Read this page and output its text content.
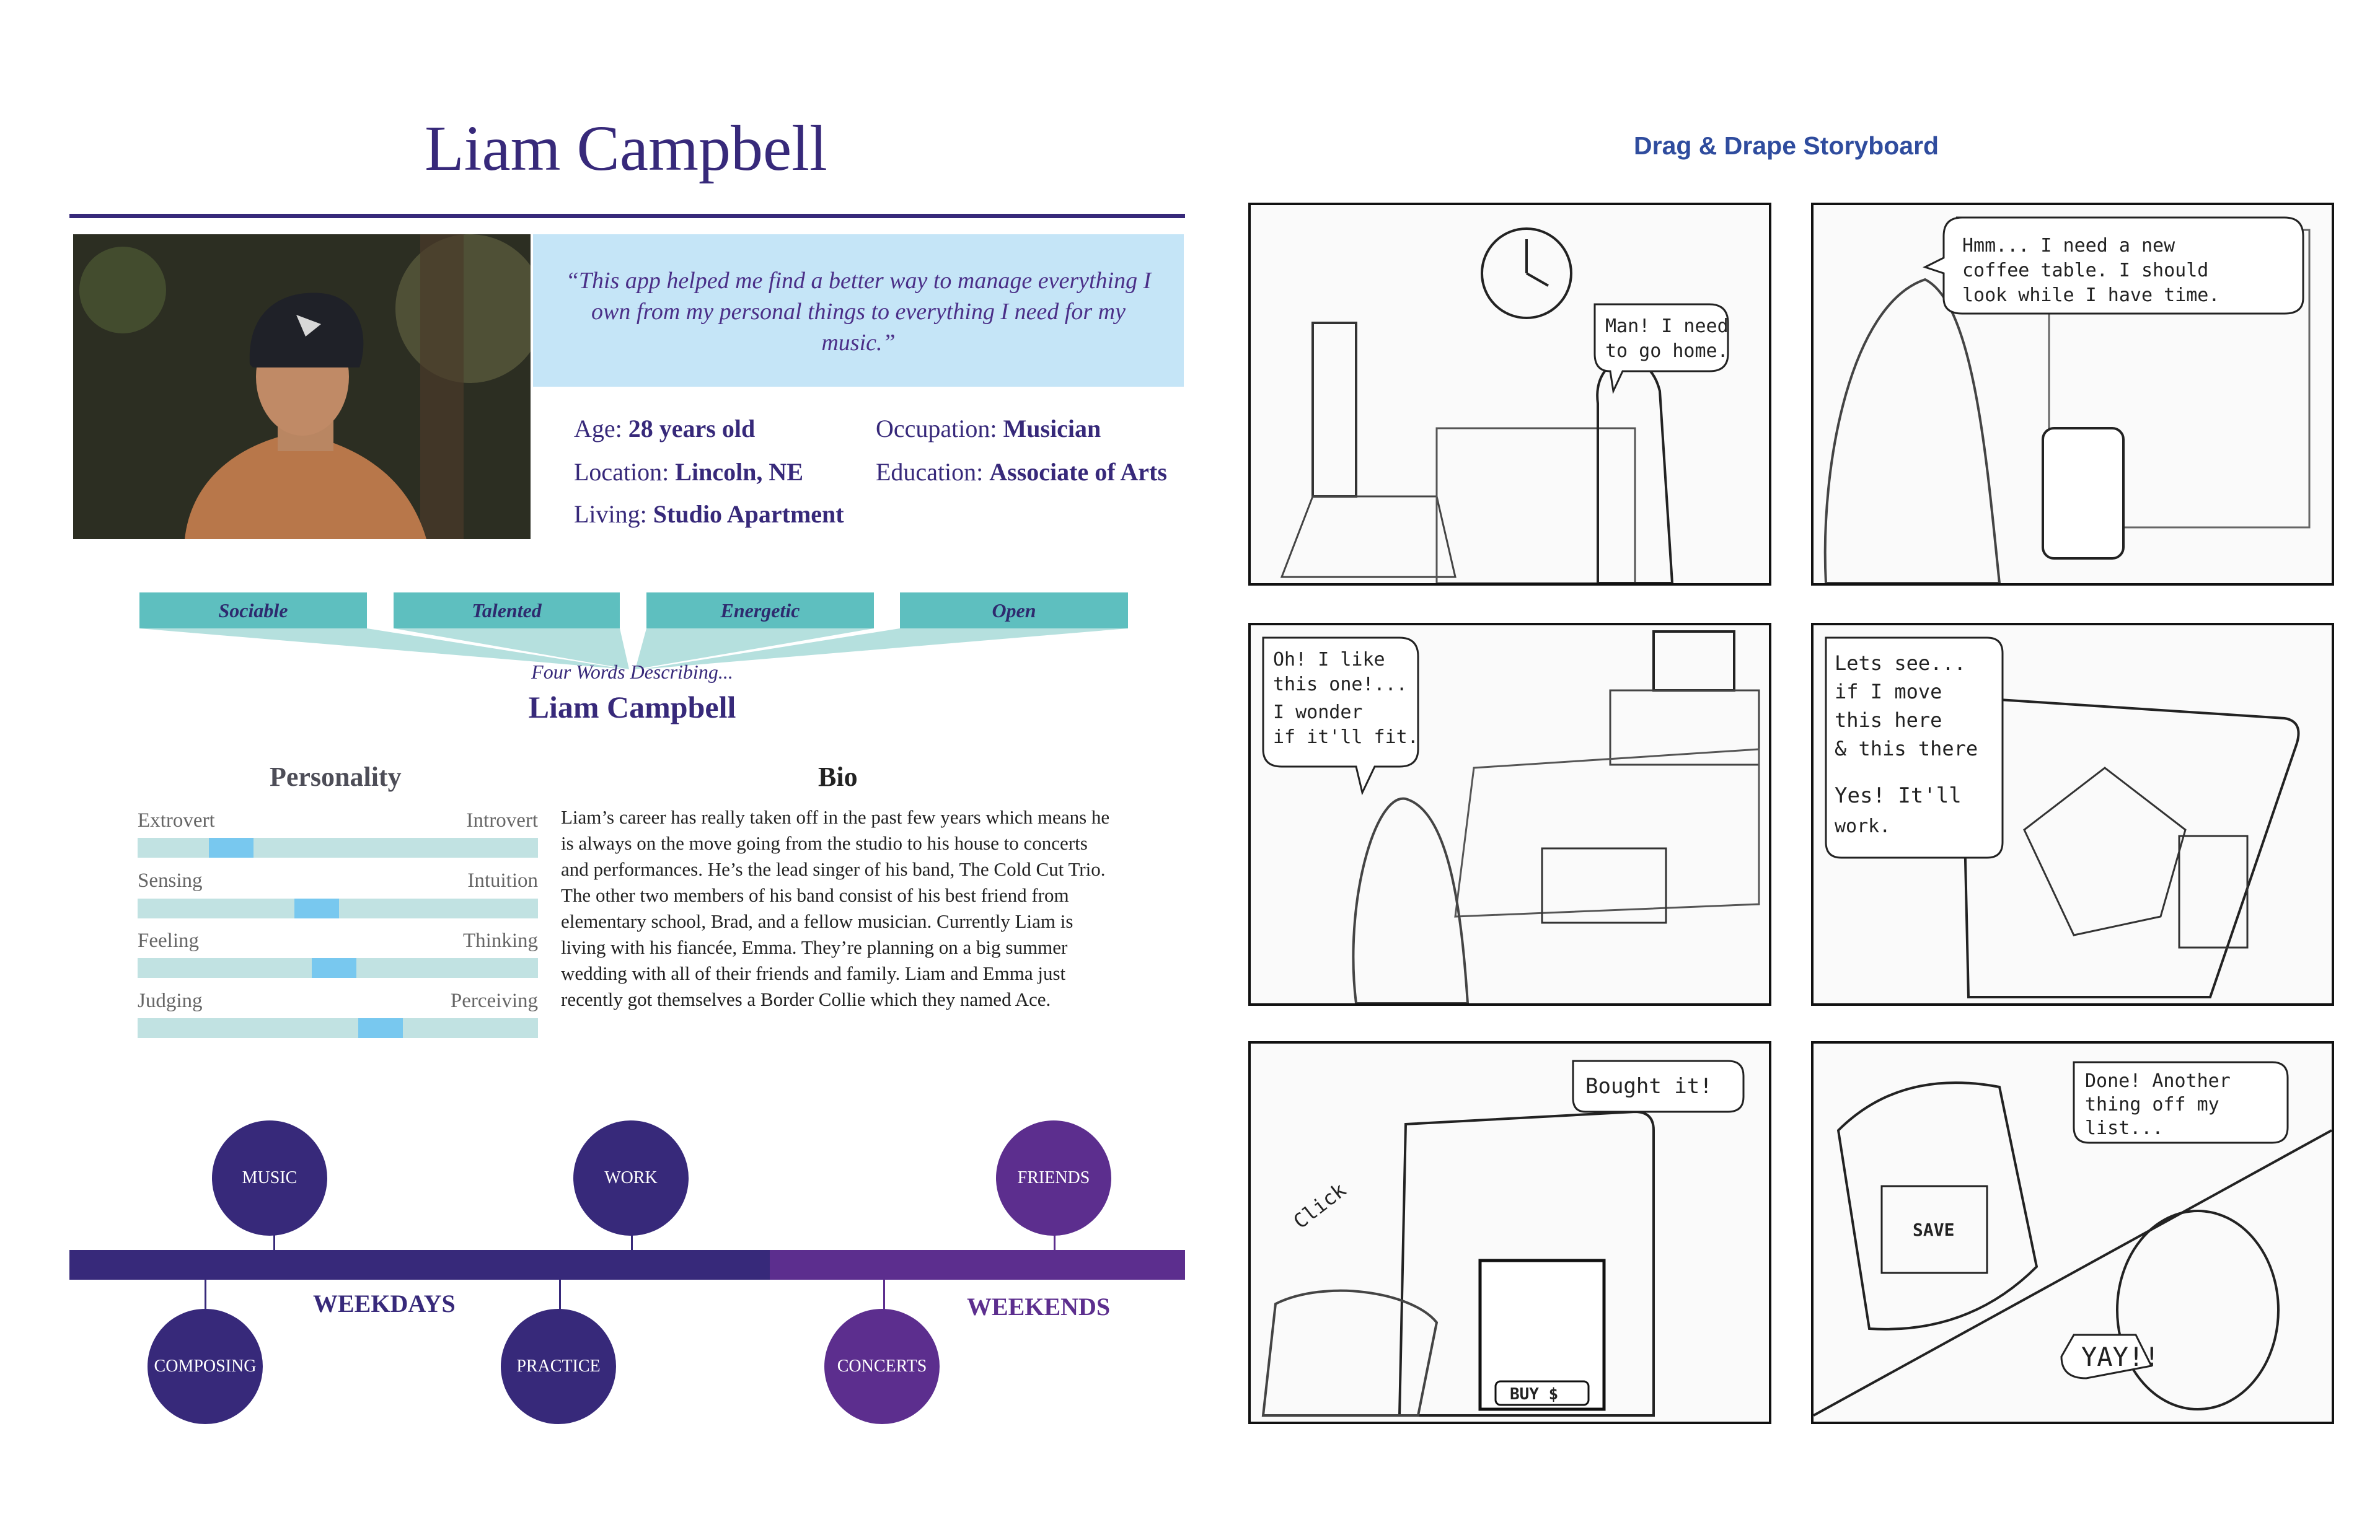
Liam Campbell
“This app helped me find a better way to manage everything I own from my personal things to everything I need for my music.”
Age: 28 years old
Location: Lincoln, NE
Living: Studio Apartment
Occupation: Musician
Education: Associate of Arts
Sociable	Talented	Energetic	Open
Four Words Describing...
Liam Campbell
Personality
Extrovert	Introvert
Sensing	Intuition
Feeling	Thinking
Judging	Perceiving
Bio
Liam’s career has really taken off in the past few years which means he is always on the move going from the studio to his house to concerts and performances. He’s the lead singer of his band, The Cold Cut Trio. The other two members of his band consist of his best friend from elementary school, Brad, and a fellow musician. Currently Liam is living with his fiancée, Emma. They’re planning on a big summer wedding with all of their friends and family. Liam and Emma just recently got themselves a Border Collie which they named Ace.
MUSIC	WORK	FRIENDS
COMPOSING	PRACTICE	CONCERTS
WEEKDAYS	WEEKENDS
Drag & Drape Storyboard
Man! I need
to go home.
Hmm... I need a new
coffee table. I should
look while I have time.
Oh! I like
this one!...
I wonder
if it'll fit.
Lets see...
if I move
this here
& this there
Yes! It'll
work.
BUY $
Click
Bought it!
SAVE
YAY!!
Done! Another
thing off my
list...
